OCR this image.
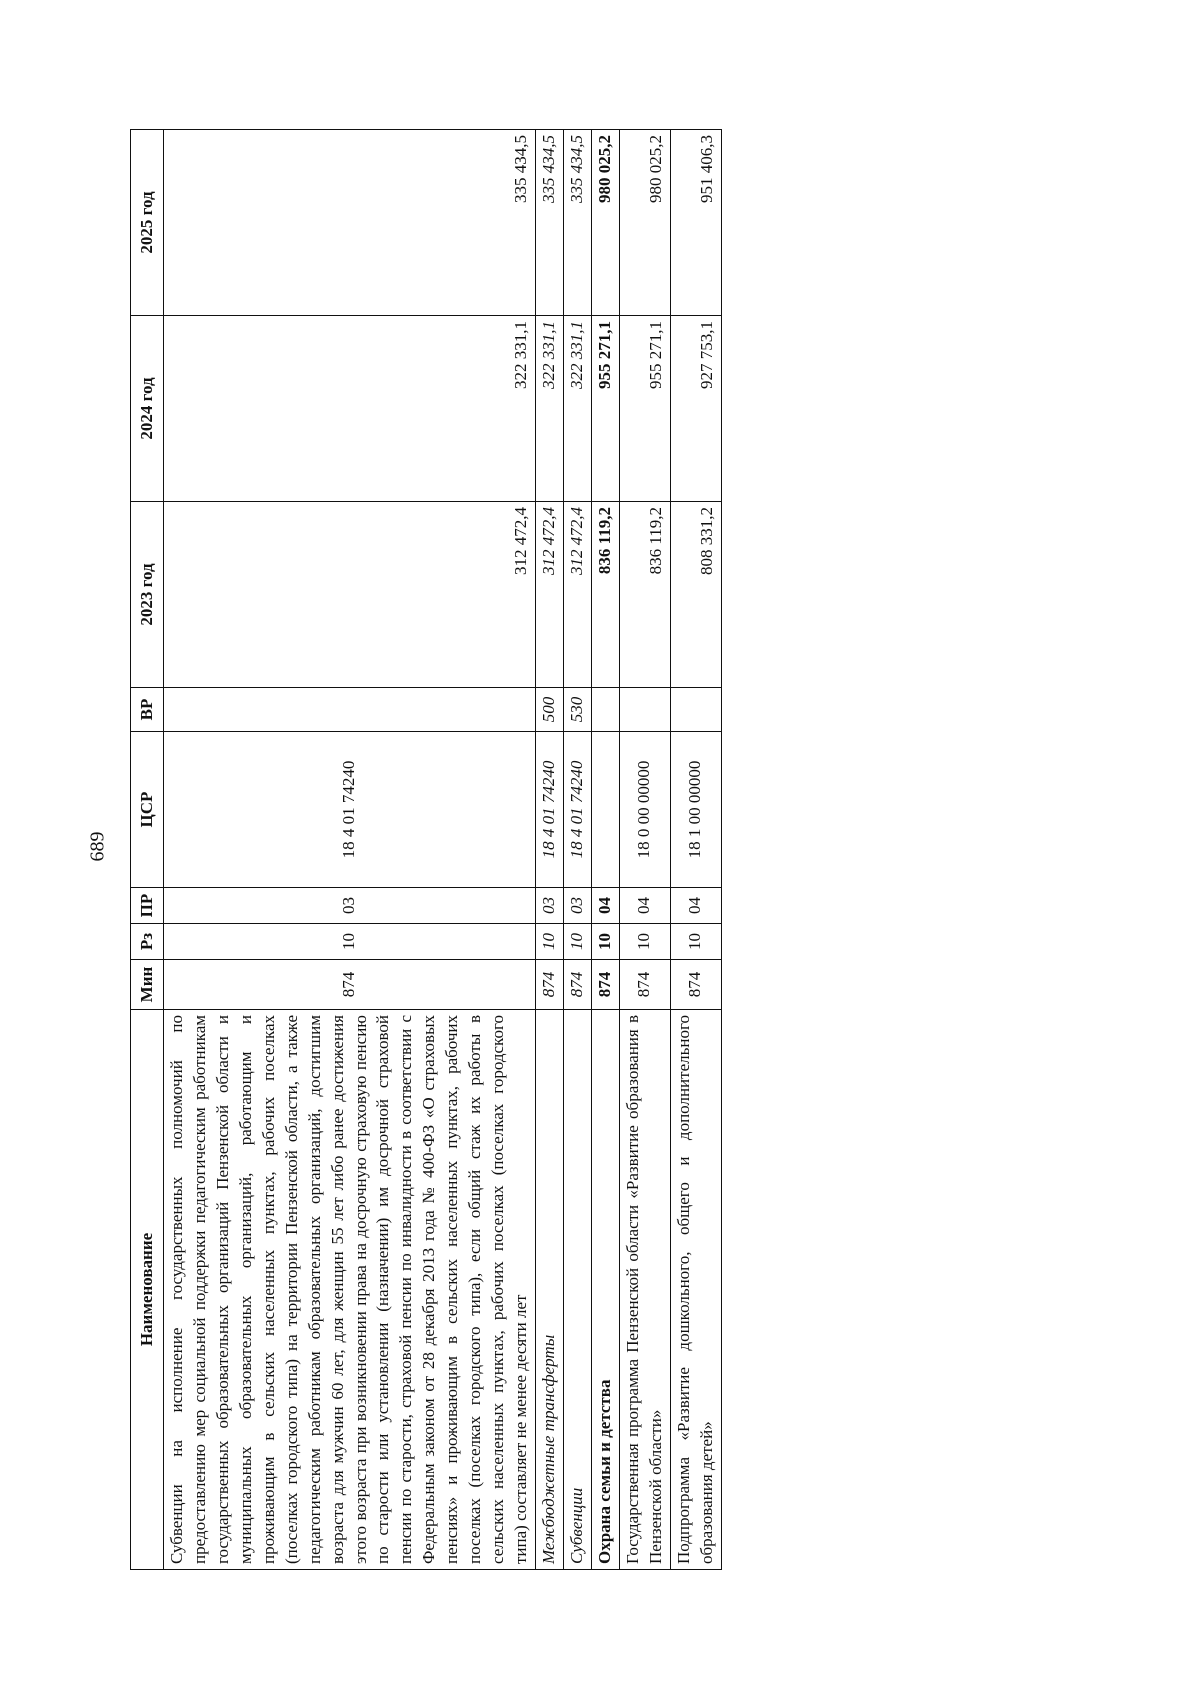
689
Наименование	Мин	Рз	ПР	ЦСР	ВР	2023 год	2024 год	2025 год
Субвенции на исполнение государственных полномочий по предоставлению мер социальной поддержки педагогическим работникам государственных образовательных организаций Пензенской области и муниципальных образовательных организаций, работающим и проживающим в сельских населенных пунктах, рабочих поселках (поселках городского типа) на территории Пензенской области, а также педагогическим работникам образовательных организаций, достигшим возраста для мужчин 60 лет, для женщин 55 лет либо ранее достижения этого возраста при возникновении права на досрочную страховую пенсию по старости или установлении (назначении) им досрочной страховой пенсии по старости, страховой пенсии по инвалидности в соответствии с Федеральным законом от 28 декабря 2013 года № 400-ФЗ «О страховых пенсиях» и проживающим в сельских населенных пунктах, рабочих поселках (поселках городского типа), если общий стаж их работы в сельских населенных пунктах, рабочих поселках (поселках городского типа) составляет не менее десяти лет	874	10	03	18 4 01 74240		312 472,4	322 331,1	335 434,5
Межбюджетные трансферты	874	10	03	18 4 01 74240	500	312 472,4	322 331,1	335 434,5
Субвенции	874	10	03	18 4 01 74240	530	312 472,4	322 331,1	335 434,5
Охрана семьи и детства	874	10	04			836 119,2	955 271,1	980 025,2
Государственная программа Пензенской области «Развитие образования в Пензенской области»	874	10	04	18 0 00 00000		836 119,2	955 271,1	980 025,2
Подпрограмма «Развитие дошкольного, общего и дополнительного образования детей»	874	10	04	18 1 00 00000		808 331,2	927 753,1	951 406,3
